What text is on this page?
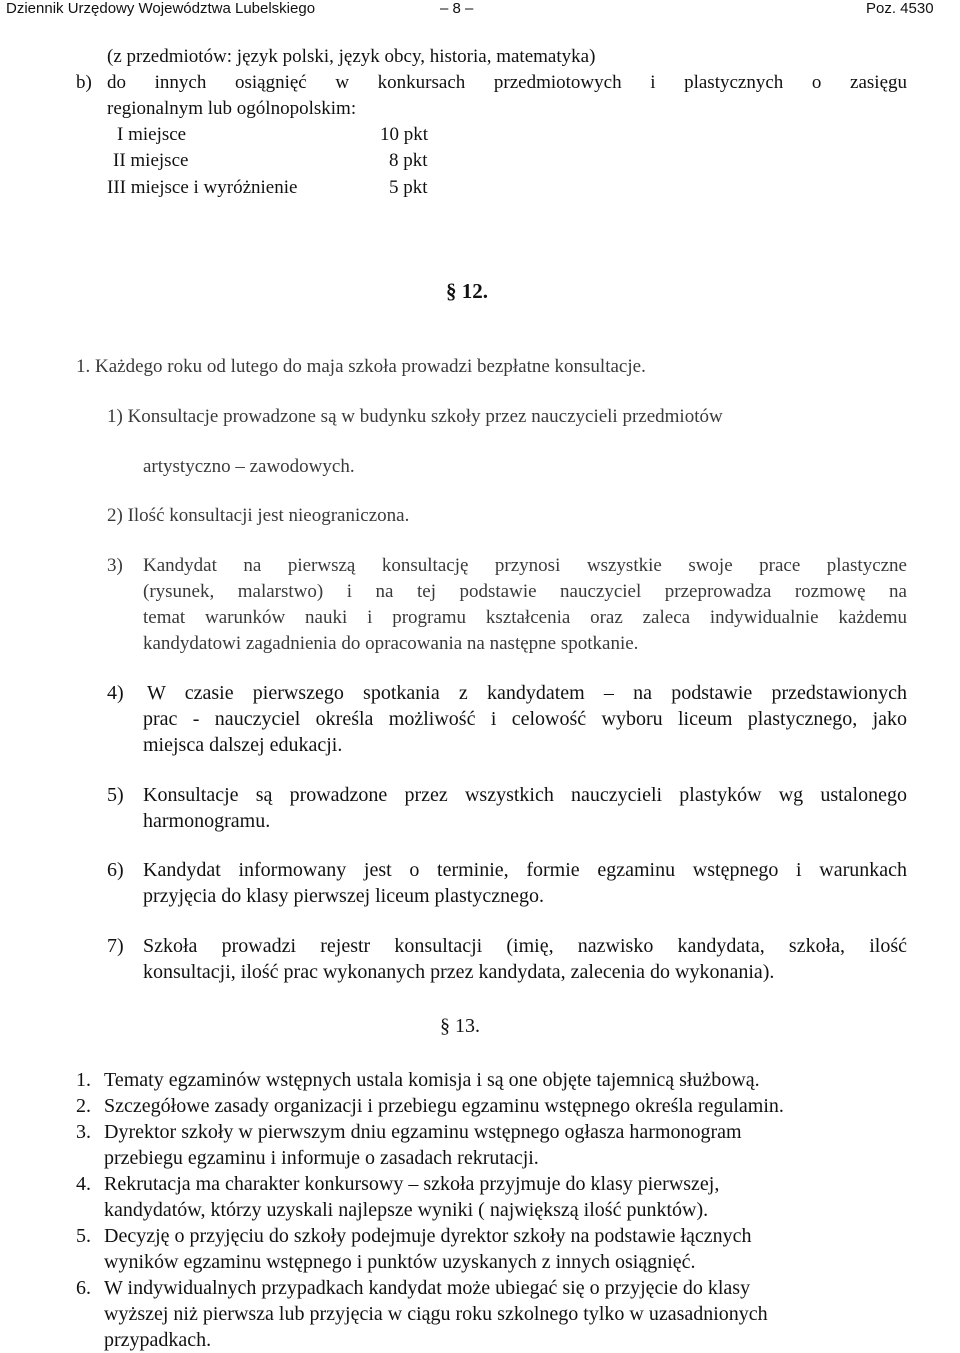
Dziennik Urzędowy Województwa Lubelskiego	– 8 –	Poz. 4530
(z przedmiotów: język polski, język obcy, historia, matematyka)
b) do innych osiągnięć w konkursach przedmiotowych i plastycznych o zasięgu
regionalnym lub ogólnopolskim:
I miejsce	10 pkt
II miejsce	8 pkt
III miejsce i wyróżnienie	5 pkt
§ 12.
1. Każdego roku od lutego do maja szkoła prowadzi bezpłatne konsultacje.
1) Konsultacje prowadzone są w budynku szkoły przez nauczycieli przedmiotów
artystyczno – zawodowych.
2) Ilość konsultacji jest nieograniczona.
3) Kandydat na pierwszą konsultację przynosi wszystkie swoje prace plastyczne
(rysunek, malarstwo) i na tej podstawie nauczyciel przeprowadza rozmowę na
temat warunków nauki i programu kształcenia oraz zaleca indywidualnie każdemu
kandydatowi zagadnienia do opracowania na następne spotkanie.
4) W czasie pierwszego spotkania z kandydatem – na podstawie przedstawionych
prac - nauczyciel określa możliwość i celowość wyboru liceum plastycznego, jako
miejsca dalszej edukacji.
5) Konsultacje są prowadzone przez wszystkich nauczycieli plastyków wg ustalonego
harmonogramu.
6) Kandydat informowany jest o terminie, formie egzaminu wstępnego i warunkach
przyjęcia do klasy pierwszej liceum plastycznego.
7) Szkoła prowadzi rejestr konsultacji (imię, nazwisko kandydata, szkoła, ilość
konsultacji, ilość prac wykonanych przez kandydata, zalecenia do wykonania).
§ 13.
1. Tematy egzaminów wstępnych ustala komisja i są one objęte tajemnicą służbową.
2. Szczegółowe zasady organizacji i przebiegu egzaminu wstępnego określa regulamin.
3. Dyrektor szkoły w pierwszym dniu egzaminu wstępnego ogłasza harmonogram
przebiegu egzaminu i informuje o zasadach rekrutacji.
4. Rekrutacja ma charakter konkursowy – szkoła przyjmuje do klasy pierwszej,
kandydatów, którzy uzyskali najlepsze wyniki ( największą ilość punktów).
5. Decyzję o przyjęciu do szkoły podejmuje dyrektor szkoły na podstawie łącznych
wyników egzaminu wstępnego i punktów uzyskanych z innych osiągnięć.
6. W indywidualnych przypadkach kandydat może ubiegać się o przyjęcie do klasy
wyższej niż pierwsza lub przyjęcia w ciągu roku szkolnego tylko w uzasadnionych
przypadkach.
